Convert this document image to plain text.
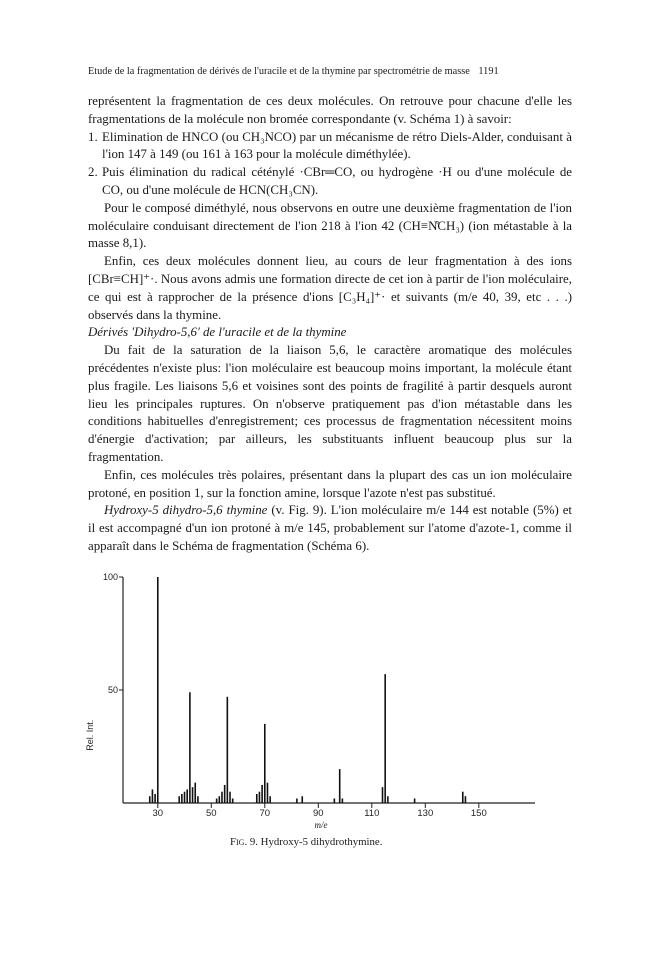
Etude de la fragmentation de dérivés de l'uracile et de la thymine par spectrométrie de masse 1191

représentent la fragmentation de ces deux molécules. On retrouve pour chacune d'elle les fragmentations de la molécule non bromée correspondante (v. Schéma 1) à savoir:

1. Elimination de HNCO (ou CH₃NCO) par un mécanisme de rétro Diels-Alder, conduisant à l'ion 147 à 149 (ou 161 à 163 pour la molécule diméthylée).

2. Puis élimination du radical céténylé ·CBr═CO, ou hydrogène ·H ou d'une molécule de CO, ou d'une molécule de HCN(CH₃CN).

Pour le composé diméthylé, nous observons en outre une deuxième fragmentation de l'ion moléculaire conduisant directement de l'ion 218 à l'ion 42 (CH≡N̊CH₃) (ion métastable à la masse 8,1).

Enfin, ces deux molécules donnent lieu, au cours de leur fragmentation à des ions [CBr≡CH]⁺·. Nous avons admis une formation directe de cet ion à partir de l'ion moléculaire, ce qui est à rapprocher de la présence d'ions [C₃H₄]⁺· et suivants (m/e 40, 39, etc . . .) observés dans la thymine.

Dérivés 'Dihydro-5,6' de l'uracile et de la thymine

Du fait de la saturation de la liaison 5,6, le caractère aromatique des molécules précédentes n'existe plus: l'ion moléculaire est beaucoup moins important, la molécule étant plus fragile. Les liaisons 5,6 et voisines sont des points de fragilité à partir desquels auront lieu les principales ruptures. On n'observe pratiquement pas d'ion métastable dans les conditions habituelles d'enregistrement; ces processus de fragmentation nécessitent moins d'énergie d'activation; par ailleurs, les substituants influent beaucoup plus sur la fragmentation.

Enfin, ces molécules très polaires, présentant dans la plupart des cas un ion moléculaire protoné, en position 1, sur la fonction amine, lorsque l'azote n'est pas substitué.

Hydroxy-5 dihydro-5,6 thymine (v. Fig. 9). L'ion moléculaire m/e 144 est notable (5%) et il est accompagné d'un ion protoné à m/e 145, probablement sur l'atome d'azote-1, comme il apparaît dans le Schéma de fragmentation (Schéma 6).

50
100
30	50	70	90	110	130	150
Rel. Int.
m/e
Fig. 9. Hydroxy-5 dihydrothymine.
